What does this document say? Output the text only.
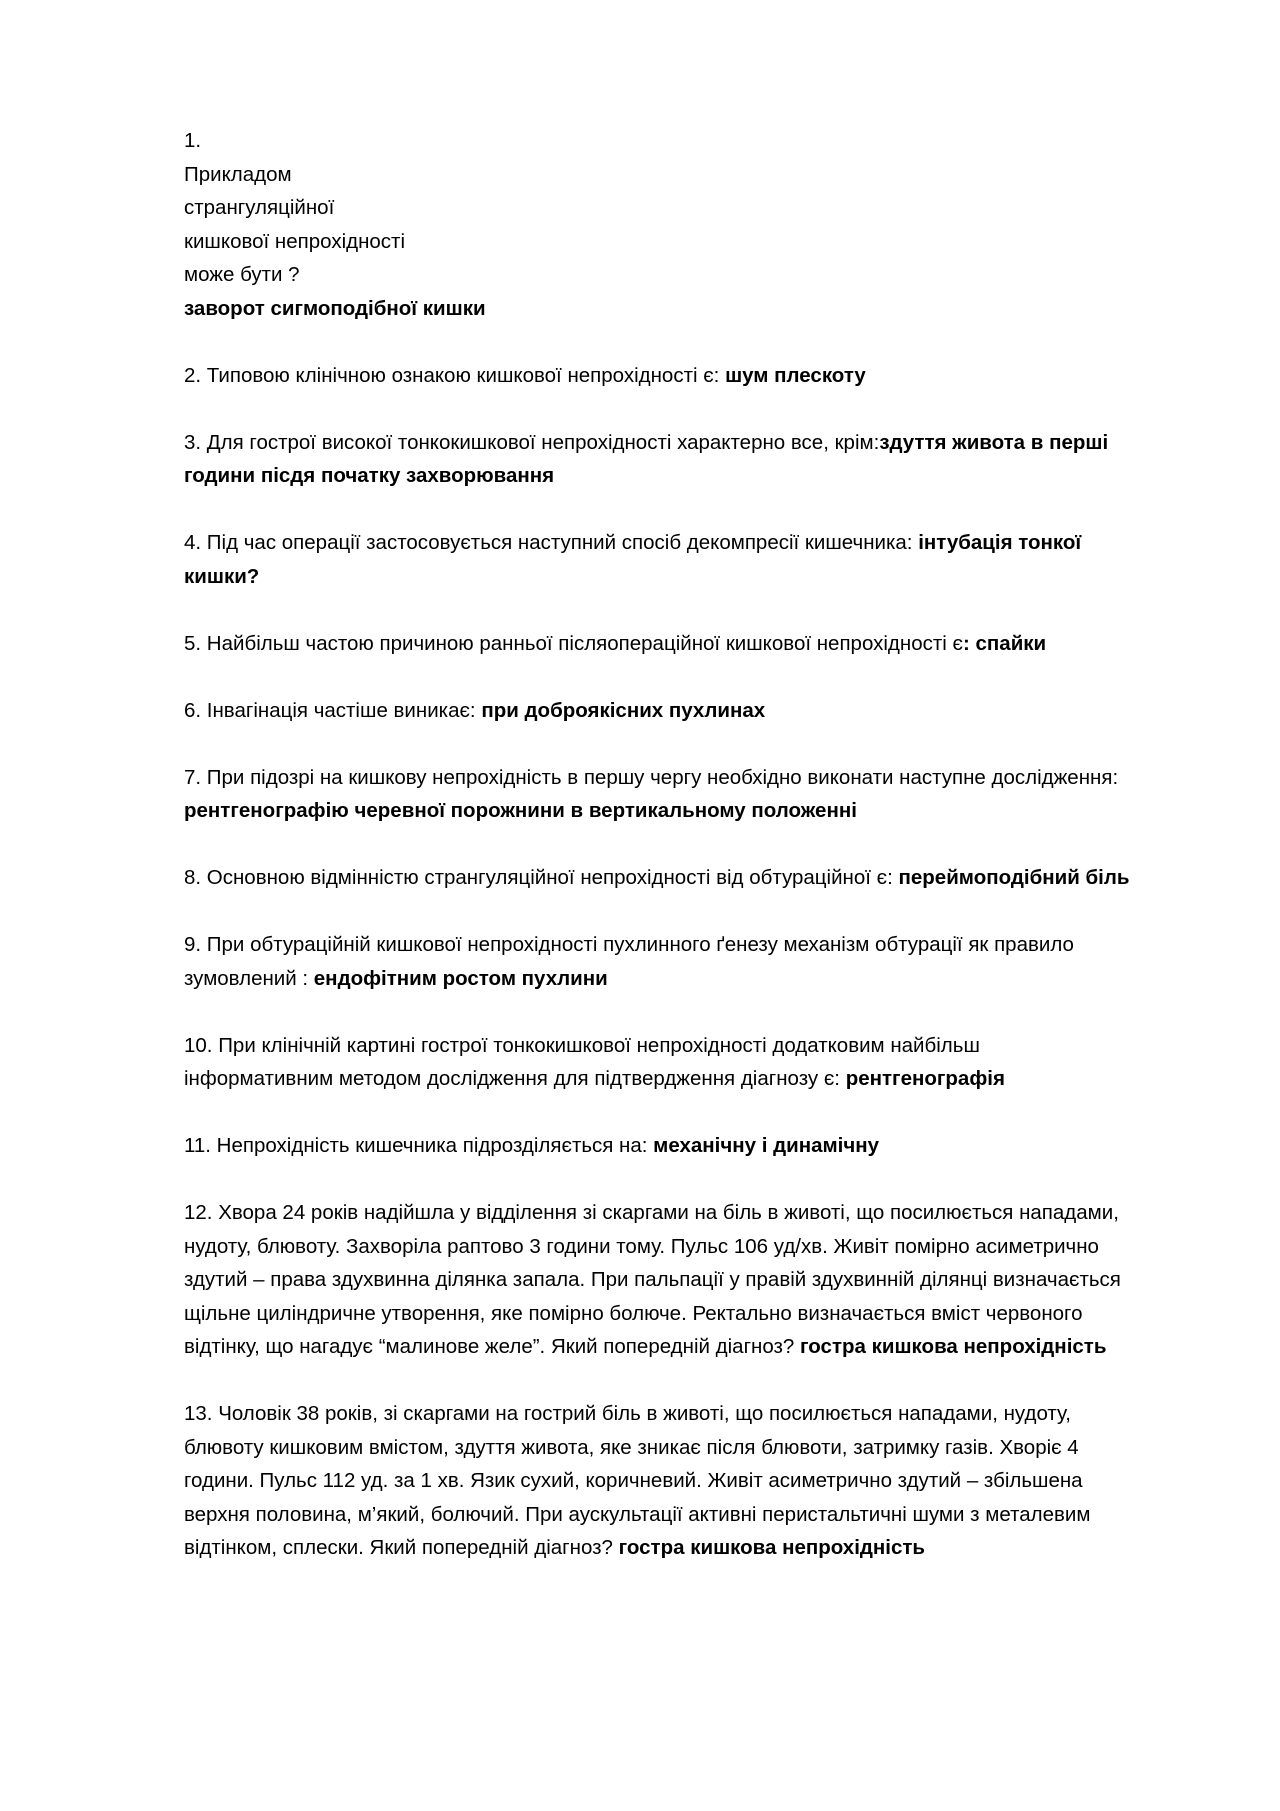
1.
Прикладом
странгуляційної
кишкової непрохідності
може бути ?
заворот сигмоподібної кишки
2. Типовою клінічною ознакою кишкової непрохідності є: шум плескоту
3. Для гострої високої тонкокишкової непрохідності характерно все, крім:здуття живота в перші
години пісдя початку захворювання
4. Під час операції застосовується наступний спосіб декомпресії кишечника: інтубація тонкої
кишки?
5. Найбільш частою причиною ранньої післяопераційної кишкової непрохідності є: спайки
6. Інвагінація частіше виникає: при доброякісних пухлинах
7. При підозрі на кишкову непрохідність в першу чергу необхідно виконати наступне дослідження:
рентгенографію черевної порожнини в вертикальному положенні
8. Основною відмінністю странгуляційної непрохідності від обтураційної є: переймоподібний біль
9. При обтураційній кишкової непрохідності пухлинного ґенезу механізм обтурації як правило
зумовлений : ендофітним ростом пухлини
10. При клінічній картині гострої тонкокишкової непрохідності додатковим найбільш
інформативним методом дослідження для підтвердження діагнозу є: рентгенографія
11. Непрохідність кишечника підрозділяється на: механічну і динамічну
12. Хвора 24 років надійшла у відділення зі скаргами на біль в животі, що посилюється нападами,
нудоту, блювоту. Захворіла раптово 3 години тому. Пульс 106 уд/хв. Живіт помірно асиметрично
здутий – права здухвинна ділянка запала. При пальпації у правій здухвинній ділянці визначається
щільне циліндричне утворення, яке помірно болюче. Ректально визначається вміст червоного
відтінку, що нагадує “малинове желе”. Який попередній діагноз? гостра кишкова непрохідність
13. Чоловік 38 років, зі скаргами на гострий біль в животі, що посилюється нападами, нудоту,
блювоту кишковим вмістом, здуття живота, яке зникає після блювоти, затримку газів. Хворіє 4
години. Пульс 112 уд. за 1 хв. Язик сухий, коричневий. Живіт асиметрично здутий – збільшена
верхня половина, м’який, болючий. При аускультації активні перистальтичні шуми з металевим
відтінком, сплески. Який попередній діагноз? гостра кишкова непрохідність
